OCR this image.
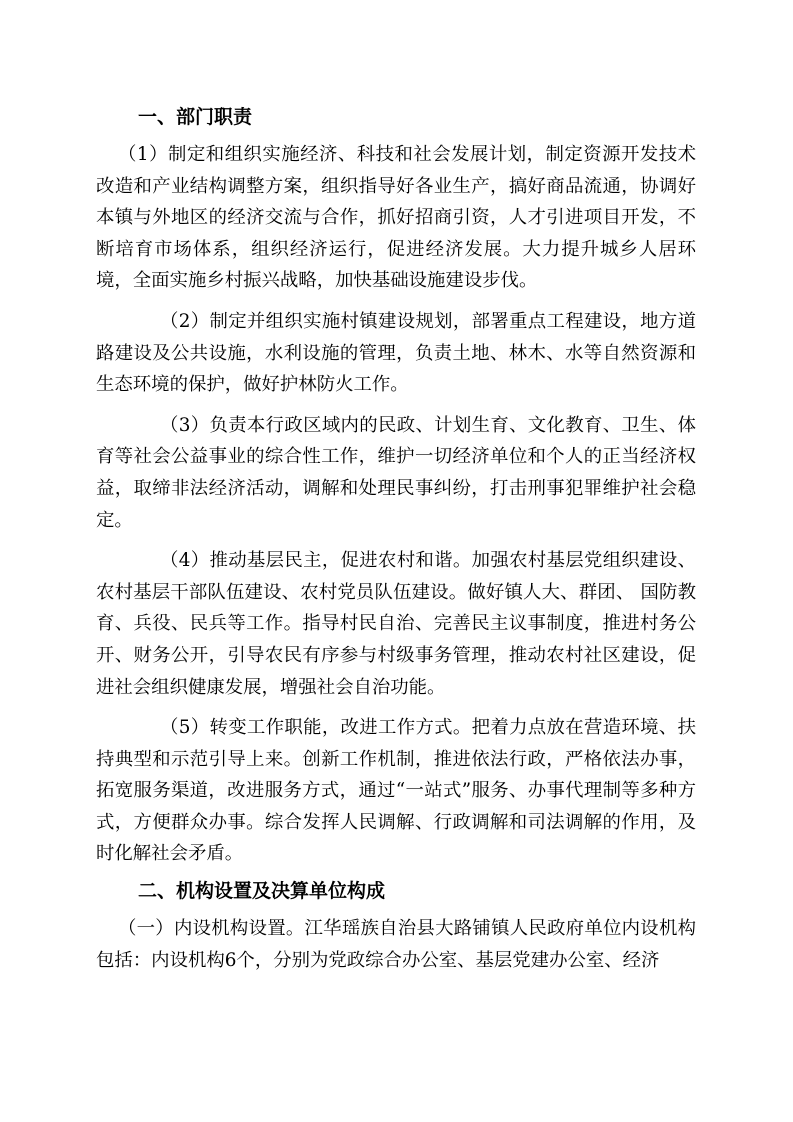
一、部门职责

（1）制定和组织实施经济、科技和社会发展计划，制定资源开发技术改造和产业结构调整方案，组织指导好各业生产，搞好商品流通，协调好本镇与外地区的经济交流与合作，抓好招商引资，人才引进项目开发，不断培育市场体系，组织经济运行，促进经济发展。大力提升城乡人居环境，全面实施乡村振兴战略，加快基础设施建设步伐。

（2）制定并组织实施村镇建设规划，部署重点工程建设，地方道路建设及公共设施，水利设施的管理，负责土地、林木、水等自然资源和生态环境的保护，做好护林防火工作。

（3）负责本行政区域内的民政、计划生育、文化教育、卫生、体育等社会公益事业的综合性工作，维护一切经济单位和个人的正当经济权益，取缔非法经济活动，调解和处理民事纠纷，打击刑事犯罪维护社会稳定。

（4）推动基层民主，促进农村和谐。加强农村基层党组织建设、农村基层干部队伍建设、农村党员队伍建设。做好镇人大、群团、 国防教育、兵役、民兵等工作。指导村民自治、完善民主议事制度，推进村务公开、财务公开，引导农民有序参与村级事务管理，推动农村社区建设，促进社会组织健康发展，增强社会自治功能。

（5）转变工作职能，改进工作方式。把着力点放在营造环境、扶持典型和示范引导上来。创新工作机制，推进依法行政，严格依法办事，拓宽服务渠道，改进服务方式，通过“一站式”服务、办事代理制等多种方式，方便群众办事。综合发挥人民调解、行政调解和司法调解的作用，及时化解社会矛盾。

二、机构设置及决算单位构成

（一）内设机构设置。江华瑶族自治县大路铺镇人民政府单位内设机构包括：内设机构6个，分别为党政综合办公室、基层党建办公室、经济
